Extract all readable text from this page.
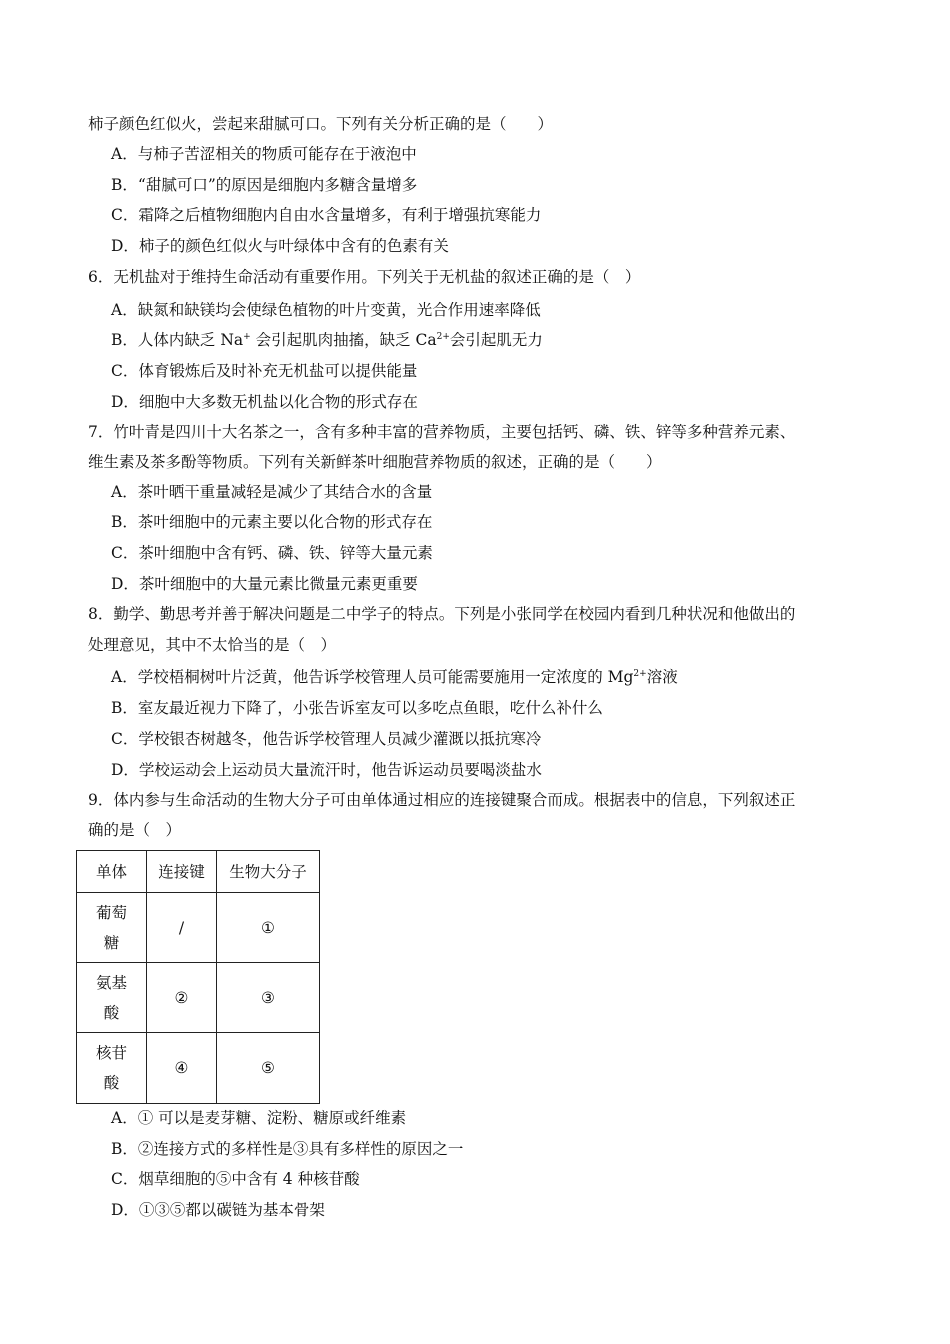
柿子颜色红似火，尝起来甜腻可口。下列有关分析正确的是（　　）
A．与柿子苦涩相关的物质可能存在于液泡中
B．“甜腻可口”的原因是细胞内多糖含量增多
C．霜降之后植物细胞内自由水含量增多，有利于增强抗寒能力
D．柿子的颜色红似火与叶绿体中含有的色素有关
6．无机盐对于维持生命活动有重要作用。下列关于无机盐的叙述正确的是（　）
A．缺氮和缺镁均会使绿色植物的叶片变黄，光合作用速率降低
B．人体内缺乏 Na+ 会引起肌肉抽搐，缺乏 $Ca^{2+}$会引起肌无力
C．体育锻炼后及时补充无机盐可以提供能量
D．细胞中大多数无机盐以化合物的形式存在
7．竹叶青是四川十大名茶之一，含有多种丰富的营养物质，主要包括钙、磷、铁、锌等多种营养元素、
维生素及茶多酚等物质。下列有关新鲜茶叶细胞营养物质的叙述，正确的是（　　）
A．茶叶晒干重量减轻是减少了其结合水的含量
B．茶叶细胞中的元素主要以化合物的形式存在
C．茶叶细胞中含有钙、磷、铁、锌等大量元素
D．茶叶细胞中的大量元素比微量元素更重要
8．勤学、勤思考并善于解决问题是二中学子的特点。下列是小张同学在校园内看到几种状况和他做出的
处理意见，其中不太恰当的是（　）
A．学校梧桐树叶片泛黄，他告诉学校管理人员可能需要施用一定浓度的 $Mg^{2+}$溶液
B．室友最近视力下降了，小张告诉室友可以多吃点鱼眼，吃什么补什么
C．学校银杏树越冬，他告诉学校管理人员减少灌溉以抵抗寒冷
D．学校运动会上运动员大量流汗时，他告诉运动员要喝淡盐水
9．体内参与生命活动的生物大分子可由单体通过相应的连接键聚合而成。根据表中的信息，下列叙述正
确的是（　）
单体	连接键	生物大分子
葡萄
糖	/	①
氨基
酸	②	③
核苷
酸	④	⑤
A．① 可以是麦芽糖、淀粉、糖原或纤维素
B．②连接方式的多样性是③具有多样性的原因之一
C．烟草细胞的⑤中含有 4 种核苷酸
D．①③⑤都以碳链为基本骨架
